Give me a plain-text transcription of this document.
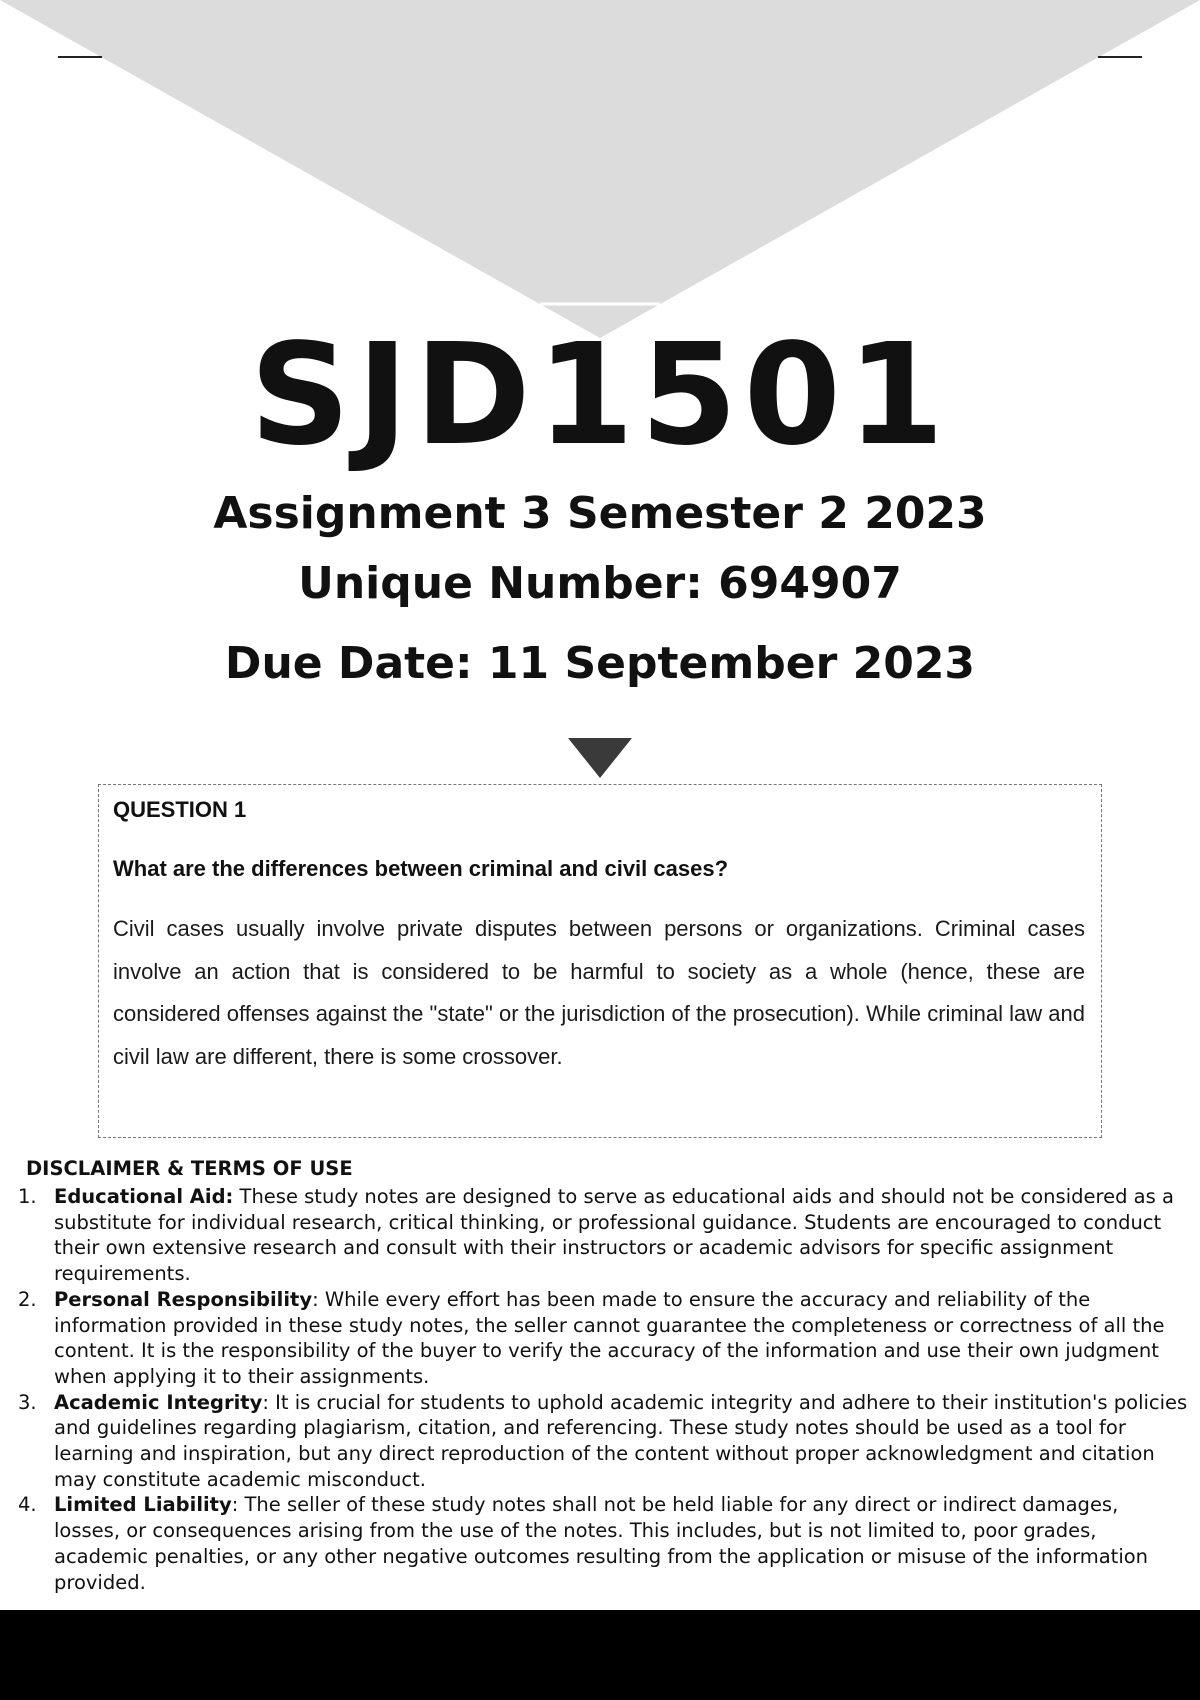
SJD1501
Assignment 3 Semester 2 2023
Unique Number: 694907
Due Date: 11 September 2023
QUESTION 1
What are the differences between criminal and civil cases?
Civil cases usually involve private disputes between persons or organizations. Criminal cases involve an action that is considered to be harmful to society as a whole (hence, these are considered offenses against the "state" or the jurisdiction of the prosecution). While criminal law and civil law are different, there is some crossover.
DISCLAIMER & TERMS OF USE
1. Educational Aid: These study notes are designed to serve as educational aids and should not be considered as a substitute for individual research, critical thinking, or professional guidance. Students are encouraged to conduct their own extensive research and consult with their instructors or academic advisors for specific assignment requirements.
2. Personal Responsibility: While every effort has been made to ensure the accuracy and reliability of the information provided in these study notes, the seller cannot guarantee the completeness or correctness of all the content. It is the responsibility of the buyer to verify the accuracy of the information and use their own judgment when applying it to their assignments.
3. Academic Integrity: It is crucial for students to uphold academic integrity and adhere to their institution's policies and guidelines regarding plagiarism, citation, and referencing. These study notes should be used as a tool for learning and inspiration, but any direct reproduction of the content without proper acknowledgment and citation may constitute academic misconduct.
4. Limited Liability: The seller of these study notes shall not be held liable for any direct or indirect damages, losses, or consequences arising from the use of the notes. This includes, but is not limited to, poor grades, academic penalties, or any other negative outcomes resulting from the application or misuse of the information provided.
